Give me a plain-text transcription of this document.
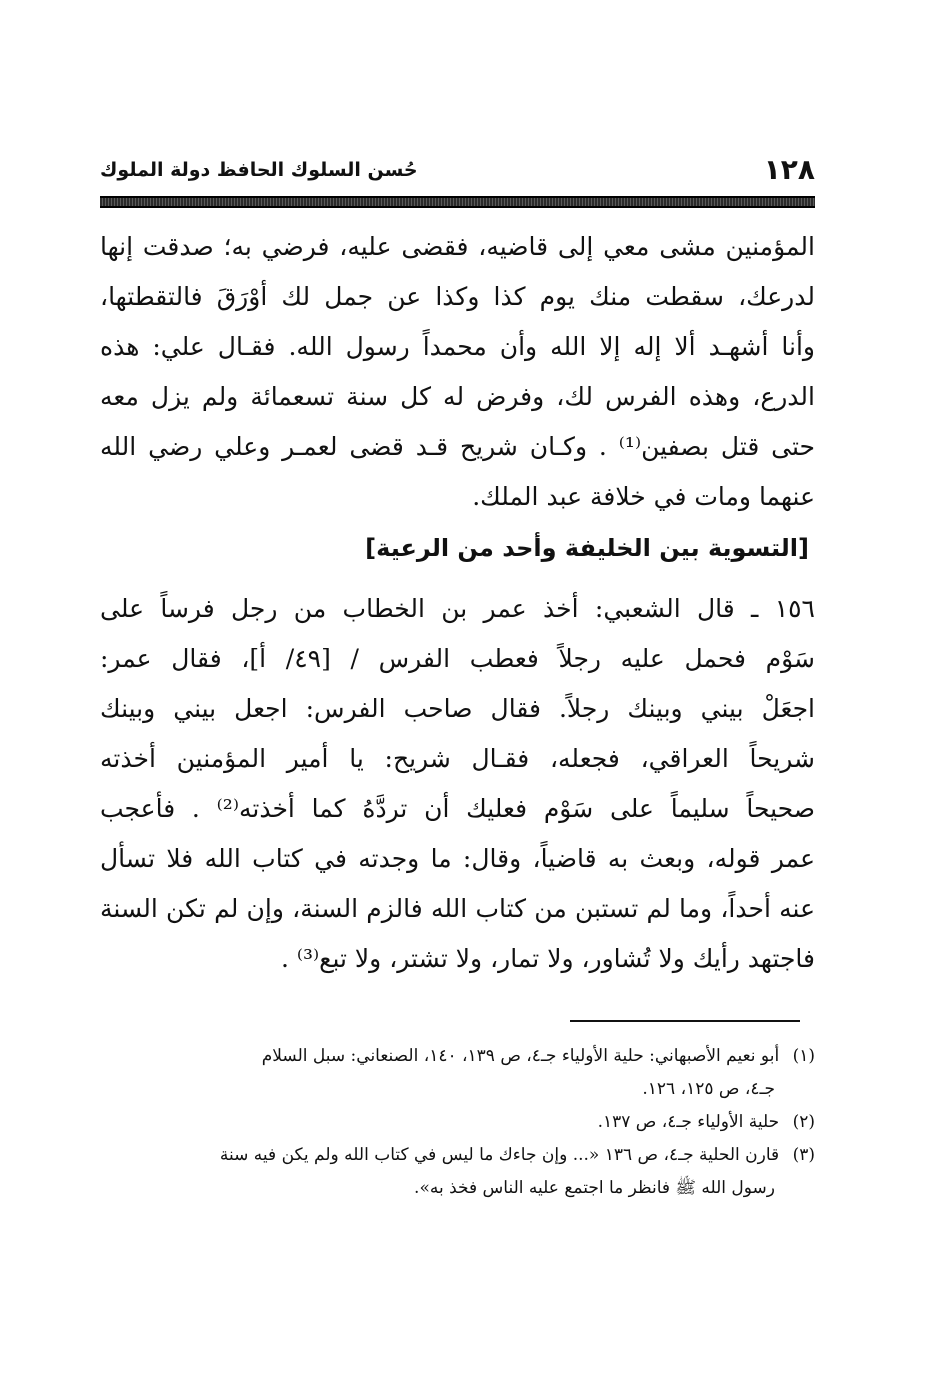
١٢٨
حُسن السلوك الحافظ دولة الملوك
المؤمنين مشى معي إلى قاضيه، فقضى عليه، فرضي به؛ صدقت إنها
لدرعك، سقطت منك يوم كذا وكذا عن جمل لك أوْرَقَ فالتقطتها،
وأنا أشهـد ألا إله إلا الله وأن محمداً رسول الله. فقـال علي: هذه
الدرع، وهذه الفرس لك، وفرض له كل سنة تسعمائة ولم يزل معه
حتى قتل بصفين⁽¹⁾ . وكـان شريح قـد قضى لعمـر وعلي رضي الله
عنهما ومات في خلافة عبد الملك.
[التسوية بين الخليفة وأحد من الرعية]
١٥٦ ـ قال الشعبي: أخذ عمر بن الخطاب من رجل فرساً على
سَوْم فحمل عليه رجلاً فعطب الفرس / [٤٩/ أ]، فقال عمر:
اجعَلْ بيني وبينك رجلاً. فقال صاحب الفرس: اجعل بيني وبينك
شريحاً العراقي، فجعله، فقـال شريح: يا أمير المؤمنين أخذته
صحيحاً سليماً على سَوْم فعليك أن تردَّهُ كما أخذته⁽²⁾ . فأعجب
عمر قوله، وبعث به قاضياً، وقال: ما وجدته في كتاب الله فلا تسأل
عنه أحداً، وما لم تستبن من كتاب الله فالزم السنة، وإن لم تكن السنة
فاجتهد رأيك ولا تُشاور، ولا تمار، ولا تشتر، ولا تبع⁽³⁾ .
(١) أبو نعيم الأصبهاني: حلية الأولياء جـ٤، ص ١٣٩، ١٤٠، الصنعاني: سبل السلام
جـ٤، ص ١٢٥، ١٢٦.
(٢) حلية الأولياء جـ٤، ص ١٣٧.
(٣) قارن الحلية جـ٤، ص ١٣٦ «... وإن جاءك ما ليس في كتاب الله ولم يكن فيه سنة
رسول الله ﷺ فانظر ما اجتمع عليه الناس فخذ به».
